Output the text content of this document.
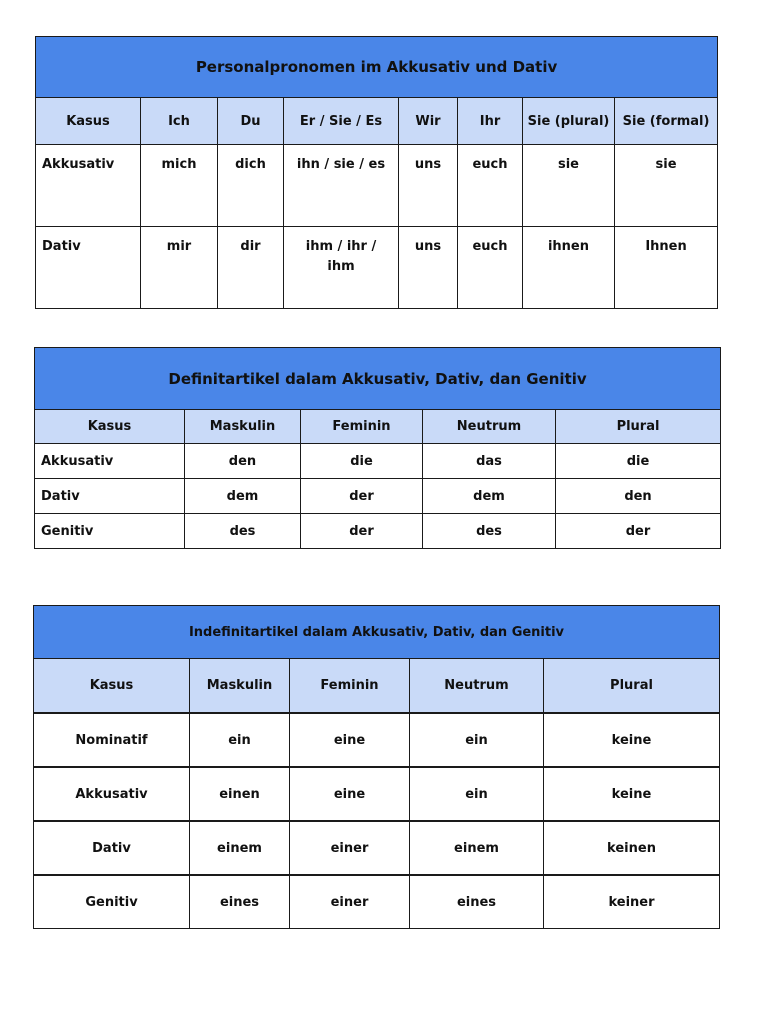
Personalpronomen im Akkusativ und Dativ							
Kasus	Ich	Du	Er / Sie / Es	Wir	Ihr	Sie (plural)	Sie (formal)
Akkusativ	mich	dich	ihn / sie / es	uns	euch	sie	sie
Dativ	mir	dir	ihm / ihr / ihm	uns	euch	ihnen	Ihnen
Definitartikel dalam Akkusativ, Dativ, dan Genitiv				
Kasus	Maskulin	Feminin	Neutrum	Plural
Akkusativ	den	die	das	die
Dativ	dem	der	dem	den
Genitiv	des	der	des	der
Indefinitartikel dalam Akkusativ, Dativ, dan Genitiv				
Kasus	Maskulin	Feminin	Neutrum	Plural
Nominatif	ein	eine	ein	keine
Akkusativ	einen	eine	ein	keine
Dativ	einem	einer	einem	keinen
Genitiv	eines	einer	eines	keiner
